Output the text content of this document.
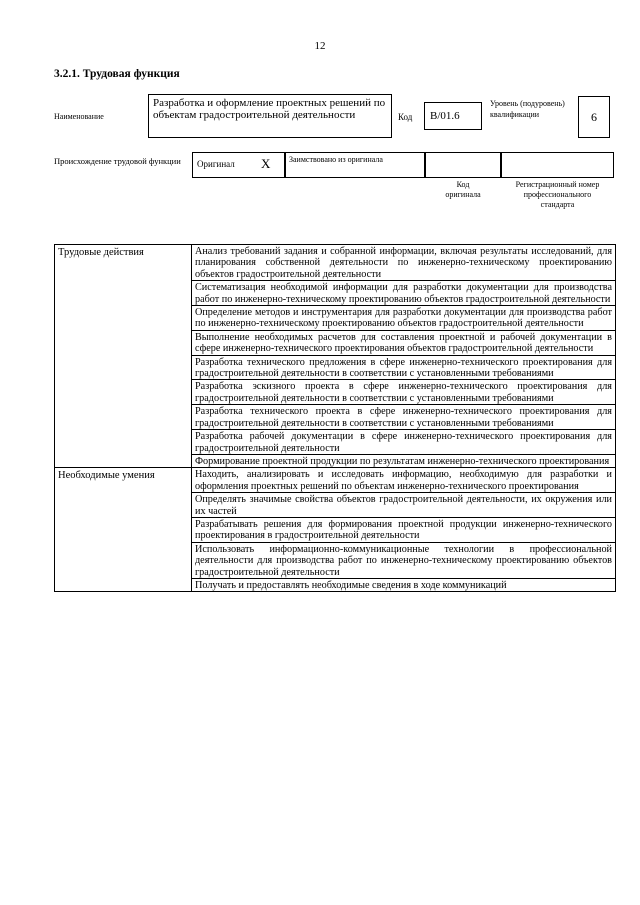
12
3.2.1. Трудовая функция
Наименование
Разработка и оформление проектных решений по объектам градостроительной деятельности	Код	B/01.6
Уровень (подуровень) квалификации	6
Происхождение трудовой функции	Оригинал X	Заимствовано из оригинала
Код оригинала
Регистрационный номер профессионального стандарта
Трудовые действия	Анализ требований задания и собранной информации, включая результаты исследований, для планирования собственной деятельности по инженерно-техническому проектированию объектов градостроительной деятельности
	Систематизация необходимой информации для разработки документации для производства работ по инженерно-техническому проектированию объектов градостроительной деятельности
	Определение методов и инструментария для разработки документации для производства работ по инженерно-техническому проектированию объектов градостроительной деятельности
	Выполнение необходимых расчетов для составления проектной и рабочей документации в сфере инженерно-технического проектирования объектов градостроительной деятельности
	Разработка технического предложения в сфере инженерно-технического проектирования для градостроительной деятельности в соответствии с установленными требованиями
	Разработка эскизного проекта в сфере инженерно-технического проектирования для градостроительной деятельности в соответствии с установленными требованиями
	Разработка технического проекта в сфере инженерно-технического проектирования для градостроительной деятельности в соответствии с установленными требованиями
	Разработка рабочей документации в сфере инженерно-технического проектирования для градостроительной деятельности
	Формирование проектной продукции по результатам инженерно-технического проектирования
Необходимые умения	Находить, анализировать и исследовать информацию, необходимую для разработки и оформления проектных решений по объектам инженерно-технического проектирования
	Определять значимые свойства объектов градостроительной деятельности, их окружения или их частей
	Разрабатывать решения для формирования проектной продукции инженерно-технического проектирования в градостроительной деятельности
	Использовать информационно-коммуникационные технологии в профессиональной деятельности для производства работ по инженерно-техническому проектированию объектов градостроительной деятельности
	Получать и предоставлять необходимые сведения в ходе коммуникаций
